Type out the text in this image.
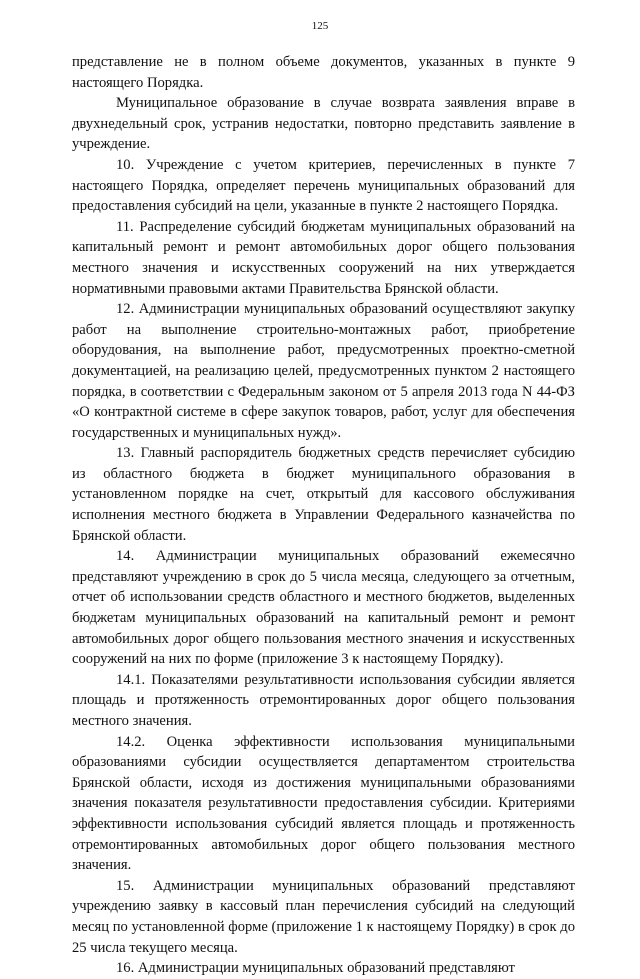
125

представление не в полном объеме документов, указанных в пункте 9 настоящего Порядка.

Муниципальное образование в случае возврата заявления вправе в двухнедельный срок, устранив недостатки, повторно представить заявление в учреждение.

10. Учреждение с учетом критериев, перечисленных в пункте 7 настоящего Порядка, определяет перечень муниципальных образований для предоставления субсидий на цели, указанные в пункте 2 настоящего Порядка.

11. Распределение субсидий бюджетам муниципальных образований на капитальный ремонт и ремонт автомобильных дорог общего пользования местного значения и искусственных сооружений на них утверждается нормативными правовыми актами Правительства Брянской области.

12. Администрации муниципальных образований осуществляют закупку работ на выполнение строительно-монтажных работ, приобретение оборудования, на выполнение работ, предусмотренных проектно-сметной документацией, на реализацию целей, предусмотренных пунктом 2 настоящего порядка, в соответствии с Федеральным законом от 5 апреля 2013 года N 44-ФЗ «О контрактной системе в сфере закупок товаров, работ, услуг для обеспечения государственных и муниципальных нужд».

13. Главный распорядитель бюджетных средств перечисляет субсидию из областного бюджета в бюджет муниципального образования в установленном порядке на счет, открытый для кассового обслуживания исполнения местного бюджета в Управлении Федерального казначейства по Брянской области.

14. Администрации муниципальных образований ежемесячно представляют учреждению в срок до 5 числа месяца, следующего за отчетным, отчет об использовании средств областного и местного бюджетов, выделенных бюджетам муниципальных образований на капитальный ремонт и ремонт автомобильных дорог общего пользования местного значения и искусственных сооружений на них по форме (приложение 3 к настоящему Порядку).

14.1. Показателями результативности использования субсидии является площадь и протяженность отремонтированных дорог общего пользования местного значения.

14.2. Оценка эффективности использования муниципальными образованиями субсидии осуществляется департаментом строительства Брянской области, исходя из достижения муниципальными образованиями значения показателя результативности предоставления субсидии. Критериями эффективности использования субсидий является площадь и протяженность отремонтированных автомобильных дорог общего пользования местного значения.

15. Администрации муниципальных образований представляют учреждению заявку в кассовый план перечисления субсидий на следующий месяц по установленной форме (приложение 1 к настоящему Порядку) в срок до 25 числа текущего месяца.

16. Администрации муниципальных образований представляют
